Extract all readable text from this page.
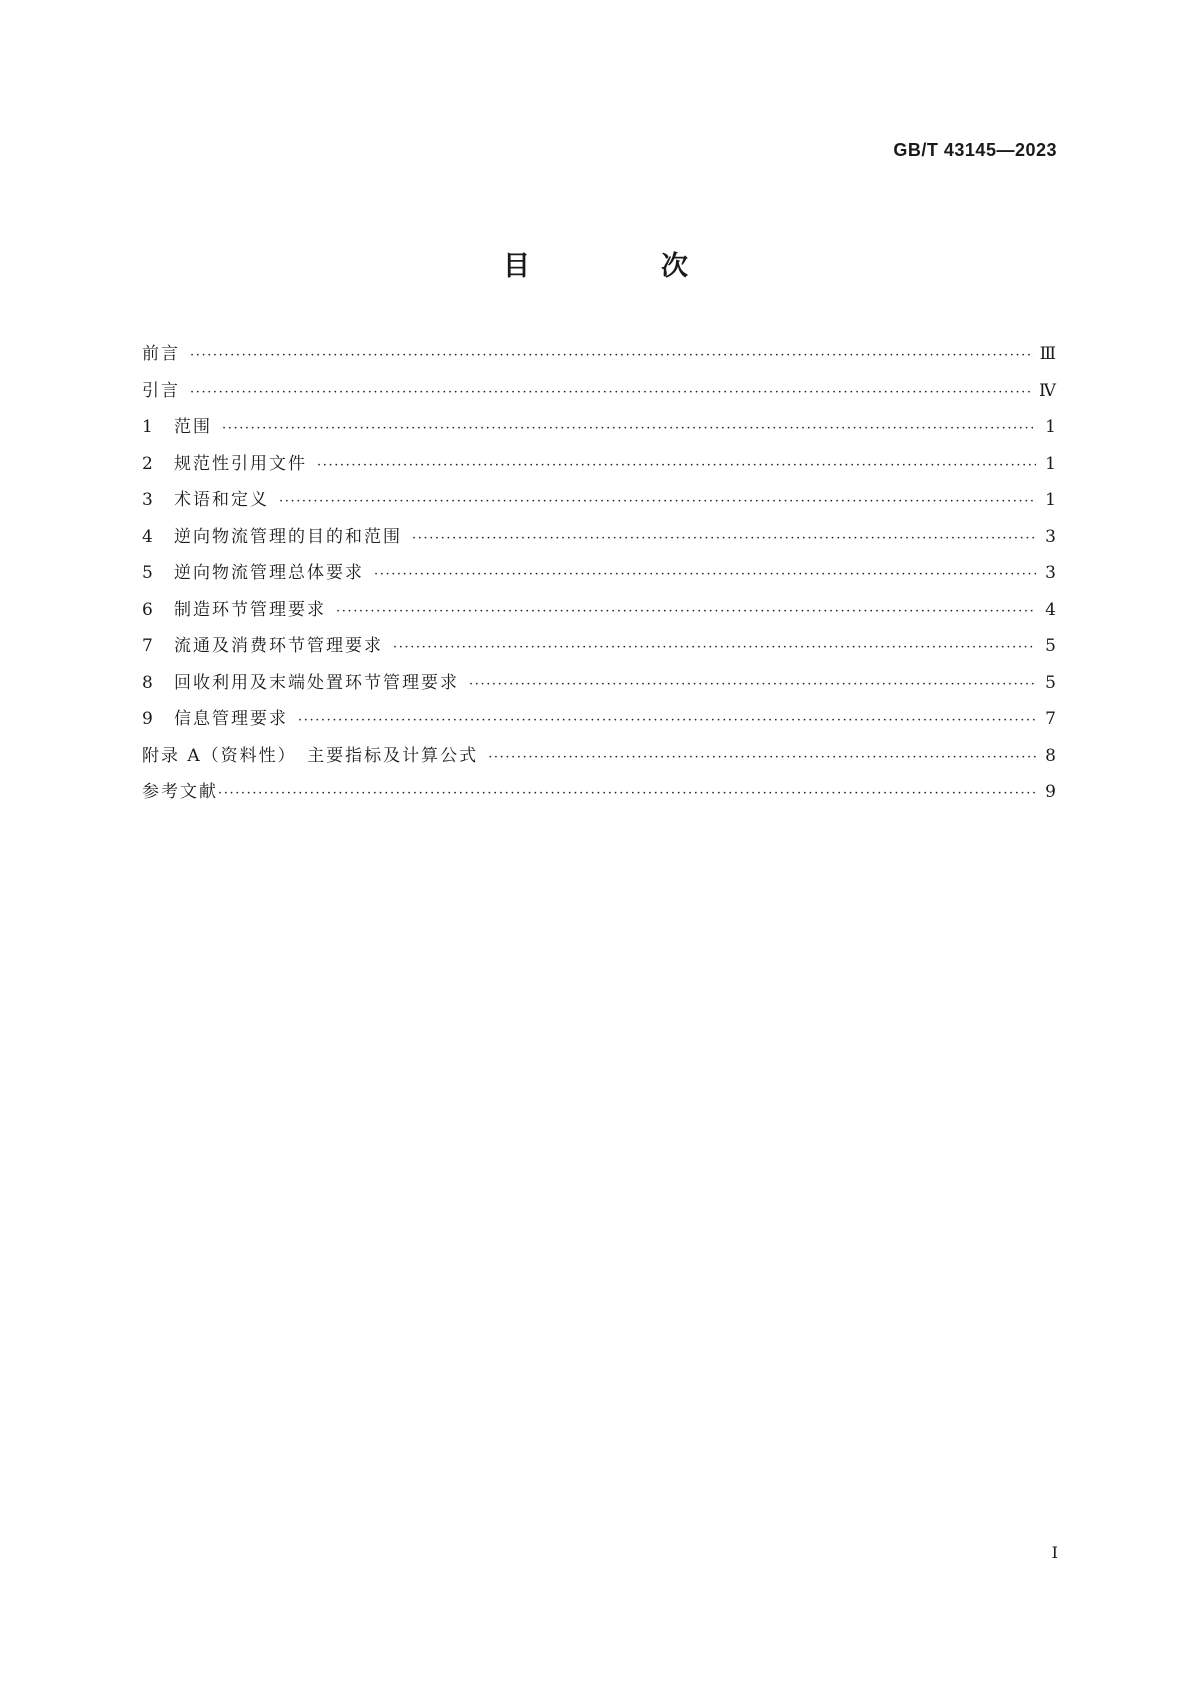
GB/T 43145—2023
目　次
前言 ·····	Ⅲ
引言 ·····	Ⅳ
1	范围 ·····	1
2	规范性引用文件 ·····	1
3	术语和定义 ·····	1
4	逆向物流管理的目的和范围 ·····	3
5	逆向物流管理总体要求 ·····	3
6	制造环节管理要求 ·····	4
7	流通及消费环节管理要求 ·····	5
8	回收利用及末端处置环节管理要求 ·····	5
9	信息管理要求 ·····	7
附录 A（资料性）　主要指标及计算公式 ·····	8
参考文献 ·····	9
Ⅰ
